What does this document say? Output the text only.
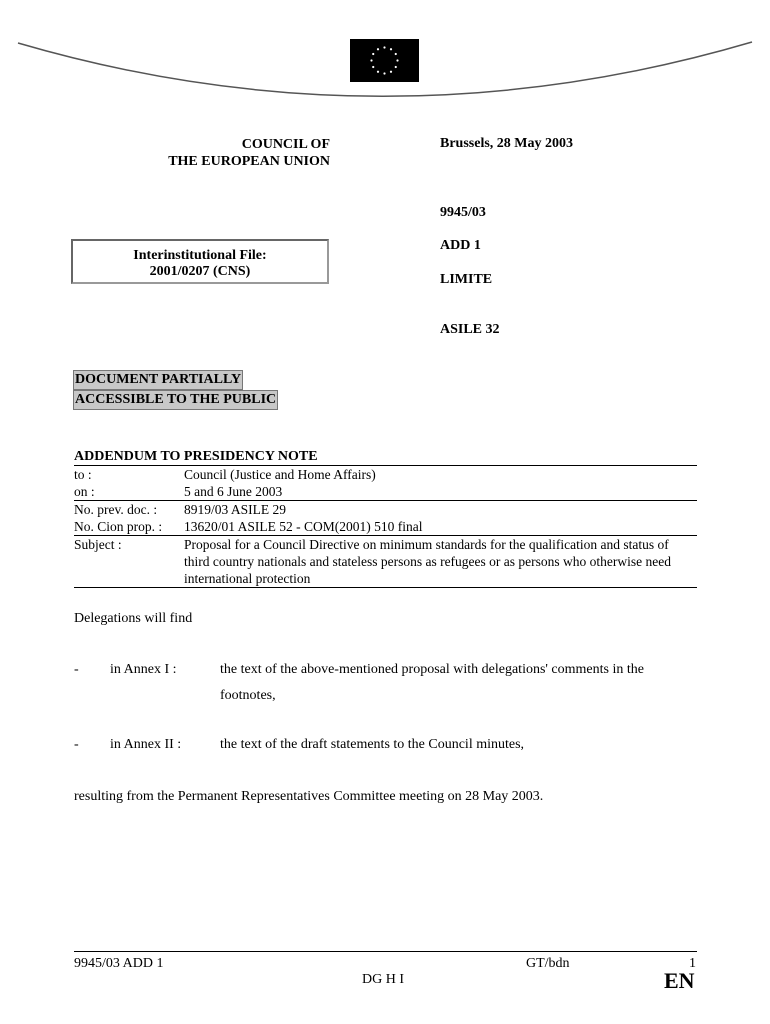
COUNCIL OF
THE EUROPEAN UNION
Brussels, 28 May 2003
9945/03
ADD 1
LIMITE
ASILE 32
Interinstitutional File:
2001/0207 (CNS)
DOCUMENT PARTIALLY
ACCESSIBLE TO THE PUBLIC
ADDENDUM TO PRESIDENCY NOTE
to :	Council (Justice and Home Affairs)
on :	5 and 6 June 2003
No. prev. doc. :	8919/03 ASILE 29
No. Cion prop. :	13620/01 ASILE 52 - COM(2001) 510 final
Subject :	Proposal for a Council Directive on minimum standards for the qualification and status of third country nationals and stateless persons as refugees or as persons who otherwise need international protection
Delegations will find
- in Annex I :	the text of the above-mentioned proposal with delegations' comments in the footnotes,
- in Annex II :	the text of the draft statements to the Council minutes,
resulting from the Permanent Representatives Committee meeting on 28 May 2003.
9945/03 ADD 1	GT/bdn	1
DG H I	EN
